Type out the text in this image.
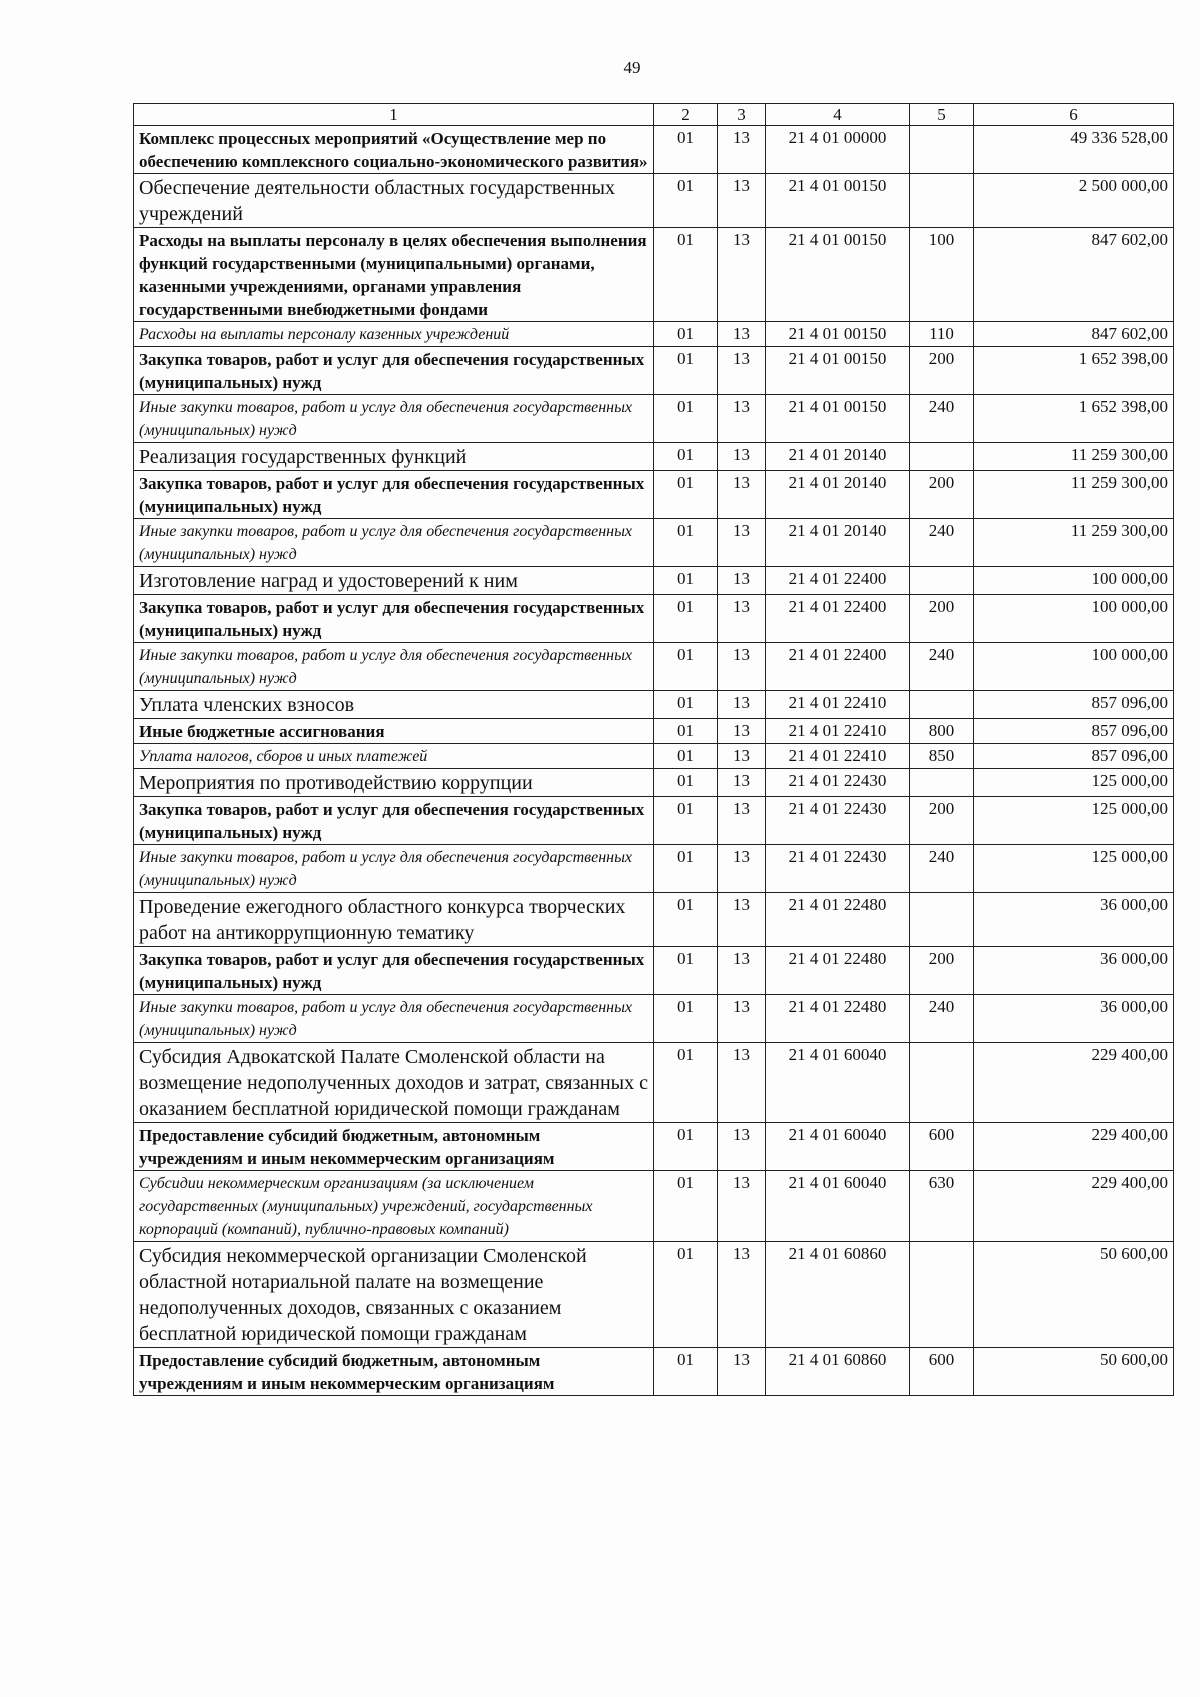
49
1	2	3	4	5	6
Комплекс процессных мероприятий «Осуществление мер по обеспечению комплексного социально-экономического развития»	01	13	21 4 01 00000		49 336 528,00
Обеспечение деятельности областных государственных учреждений	01	13	21 4 01 00150		2 500 000,00
Расходы на выплаты персоналу в целях обеспечения выполнения функций государственными (муниципальными) органами, казенными учреждениями, органами управления государственными внебюджетными фондами	01	13	21 4 01 00150	100	847 602,00
Расходы на выплаты персоналу казенных учреждений	01	13	21 4 01 00150	110	847 602,00
Закупка товаров, работ и услуг для обеспечения государственных (муниципальных) нужд	01	13	21 4 01 00150	200	1 652 398,00
Иные закупки товаров, работ и услуг для обеспечения государственных (муниципальных) нужд	01	13	21 4 01 00150	240	1 652 398,00
Реализация государственных функций	01	13	21 4 01 20140		11 259 300,00
Закупка товаров, работ и услуг для обеспечения государственных (муниципальных) нужд	01	13	21 4 01 20140	200	11 259 300,00
Иные закупки товаров, работ и услуг для обеспечения государственных (муниципальных) нужд	01	13	21 4 01 20140	240	11 259 300,00
Изготовление наград и удостоверений к ним	01	13	21 4 01 22400		100 000,00
Закупка товаров, работ и услуг для обеспечения государственных (муниципальных) нужд	01	13	21 4 01 22400	200	100 000,00
Иные закупки товаров, работ и услуг для обеспечения государственных (муниципальных) нужд	01	13	21 4 01 22400	240	100 000,00
Уплата членских взносов	01	13	21 4 01 22410		857 096,00
Иные бюджетные ассигнования	01	13	21 4 01 22410	800	857 096,00
Уплата налогов, сборов и иных платежей	01	13	21 4 01 22410	850	857 096,00
Мероприятия по противодействию коррупции	01	13	21 4 01 22430		125 000,00
Закупка товаров, работ и услуг для обеспечения государственных (муниципальных) нужд	01	13	21 4 01 22430	200	125 000,00
Иные закупки товаров, работ и услуг для обеспечения государственных (муниципальных) нужд	01	13	21 4 01 22430	240	125 000,00
Проведение ежегодного областного конкурса творческих работ на антикоррупционную тематику	01	13	21 4 01 22480		36 000,00
Закупка товаров, работ и услуг для обеспечения государственных (муниципальных) нужд	01	13	21 4 01 22480	200	36 000,00
Иные закупки товаров, работ и услуг для обеспечения государственных (муниципальных) нужд	01	13	21 4 01 22480	240	36 000,00
Субсидия Адвокатской Палате Смоленской области на возмещение недополученных доходов и затрат, связанных с оказанием бесплатной юридической помощи гражданам	01	13	21 4 01 60040		229 400,00
Предоставление субсидий бюджетным, автономным учреждениям и иным некоммерческим организациям	01	13	21 4 01 60040	600	229 400,00
Субсидии некоммерческим организациям (за исключением государственных (муниципальных) учреждений, государственных корпораций (компаний), публично-правовых компаний)	01	13	21 4 01 60040	630	229 400,00
Субсидия некоммерческой организации Смоленской областной нотариальной палате на возмещение недополученных доходов, связанных с оказанием бесплатной юридической помощи гражданам	01	13	21 4 01 60860		50 600,00
Предоставление субсидий бюджетным, автономным учреждениям и иным некоммерческим организациям	01	13	21 4 01 60860	600	50 600,00
